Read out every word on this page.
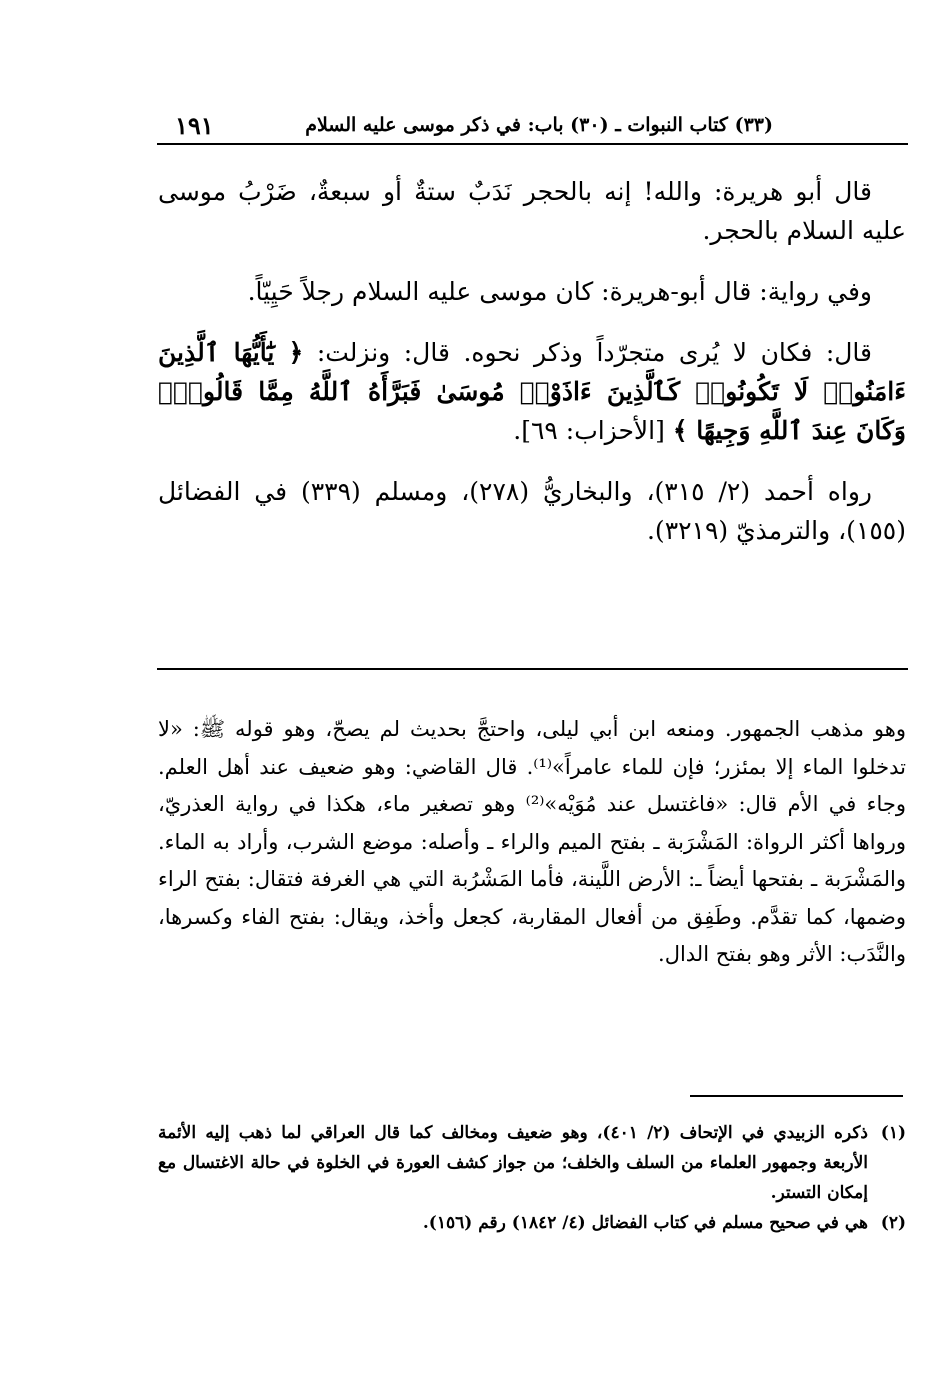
١٩١	(٣٣) كتاب النبوات ـ (٣٠) باب: في ذكر موسى عليه السلام

قال أبو هريرة: والله! إنه بالحجر نَدَبٌ ستةٌ أو سبعةٌ، ضَرْبُ موسى عليه السلام بالحجر.

وفي رواية: قال أبو-هريرة: كان موسى عليه السلام رجلاً حَيِيّاً.

قال: فكان لا يُرى متجرّداً وذكر نحوه. قال: ونزلت: ﴿ يَٰٓأَيُّهَا ٱلَّذِينَ ءَامَنُوا۟ لَا تَكُونُوا۟ كَٱلَّذِينَ ءَاذَوْا۟ مُوسَىٰ فَبَرَّأَهُ ٱللَّهُ مِمَّا قَالُوا۟ۚ وَكَانَ عِندَ ٱللَّهِ وَجِيهًا ﴾ [الأحزاب: ٦٩].

رواه أحمد (٢/ ٣١٥)، والبخاريُّ (٢٧٨)، ومسلم (٣٣٩) في الفضائل (١٥٥)، والترمذيّ (٣٢١٩).

وهو مذهب الجمهور. ومنعه ابن أبي ليلى، واحتجَّ بحديث لم يصحّ، وهو قوله ﷺ: «لا تدخلوا الماء إلا بمئزر؛ فإن للماء عامراً»⁽¹⁾. قال القاضي: وهو ضعيف عند أهل العلم. وجاء في الأم قال: «فاغتسل عند مُوَيْه»⁽²⁾ وهو تصغير ماء، هكذا في رواية العذريّ، ورواها أكثر الرواة: المَشْرَبة ـ بفتح الميم والراء ـ وأصله: موضع الشرب، وأراد به الماء. والمَشْرَبة ـ بفتحها أيضاً ـ: الأرض اللَّينة، فأما المَشْرُبة التي هي الغرفة فتقال: بفتح الراء وضمها، كما تقدَّم. وطَفِق من أفعال المقاربة، كجعل وأخذ، ويقال: بفتح الفاء وكسرها، والنَّدَب: الأثر وهو بفتح الدال.

(١)
ذكره الزبيدي في الإتحاف (٢/ ٤٠١)، وهو ضعيف ومخالف كما قال العراقي لما ذهب إليه الأئمة الأربعة وجمهور العلماء من السلف والخلف؛ من جواز كشف العورة في الخلوة في حالة الاغتسال مع إمكان التستر.

(٢)
هي في صحيح مسلم في كتاب الفضائل (٤/ ١٨٤٢) رقم (١٥٦).
